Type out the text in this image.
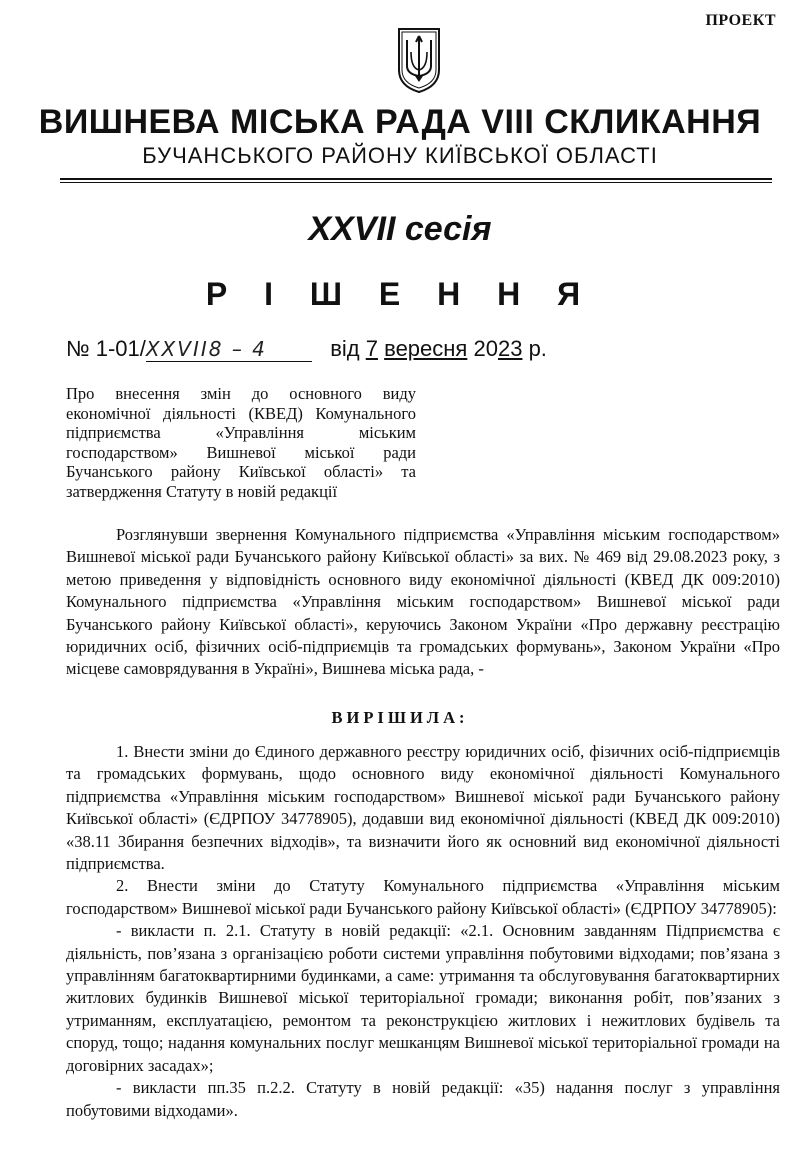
ПРОЕКТ
ВИШНЕВА МІСЬКА РАДА VIII СКЛИКАННЯ
БУЧАНСЬКОГО РАЙОНУ КИЇВСЬКОЇ ОБЛАСТІ
XXVII сесія
Р І Ш Е Н Н Я
№ 1-01/XXVII8 – 4	від 7 вересня 2023 р.
Про внесення змін до основного виду економічної діяльності (КВЕД) Комунального підприємства «Управління міським господарством» Вишневої міської ради Бучанського району Київської області» та затвердження Статуту в новій редакції

Розглянувши звернення Комунального підприємства «Управління міським господарством» Вишневої міської ради Бучанського району Київської області» за вих. № 469 від 29.08.2023 року, з метою приведення у відповідність основного виду економічної діяльності (КВЕД ДК 009:2010) Комунального підприємства «Управління міським господарством» Вишневої міської ради Бучанського району Київської області», керуючись Законом України «Про державну реєстрацію юридичних осіб, фізичних осіб-підприємців та громадських формувань», Законом України «Про місцеве самоврядування в Україні», Вишнева міська рада, -

ВИРІШИЛА:

1. Внести зміни до Єдиного державного реєстру юридичних осіб, фізичних осіб-підприємців та громадських формувань, щодо основного виду економічної діяльності Комунального підприємства «Управління міським господарством» Вишневої міської ради Бучанського району Київської області» (ЄДРПОУ 34778905), додавши вид економічної діяльності (КВЕД ДК 009:2010) «38.11 Збирання безпечних відходів», та визначити його як основний вид економічної діяльності підприємства.

2. Внести зміни до Статуту Комунального підприємства «Управління міським господарством» Вишневої міської ради Бучанського району Київської області» (ЄДРПОУ 34778905):

- викласти п. 2.1. Статуту в новій редакції: «2.1. Основним завданням Підприємства є діяльність, пов’язана з організацією роботи системи управління побутовими відходами; пов’язана з управлінням багатоквартирними будинками, а саме: утримання та обслуговування багатоквартирних житлових будинків Вишневої міської територіальної громади; виконання робіт, пов’язаних з утриманням, експлуатацією, ремонтом та реконструкцією житлових і нежитлових будівель та споруд, тощо; надання комунальних послуг мешканцям Вишневої міської територіальної громади на договірних засадах»;

- викласти пп.35 п.2.2. Статуту в новій редакції: «35) надання послуг з управління побутовими відходами».
